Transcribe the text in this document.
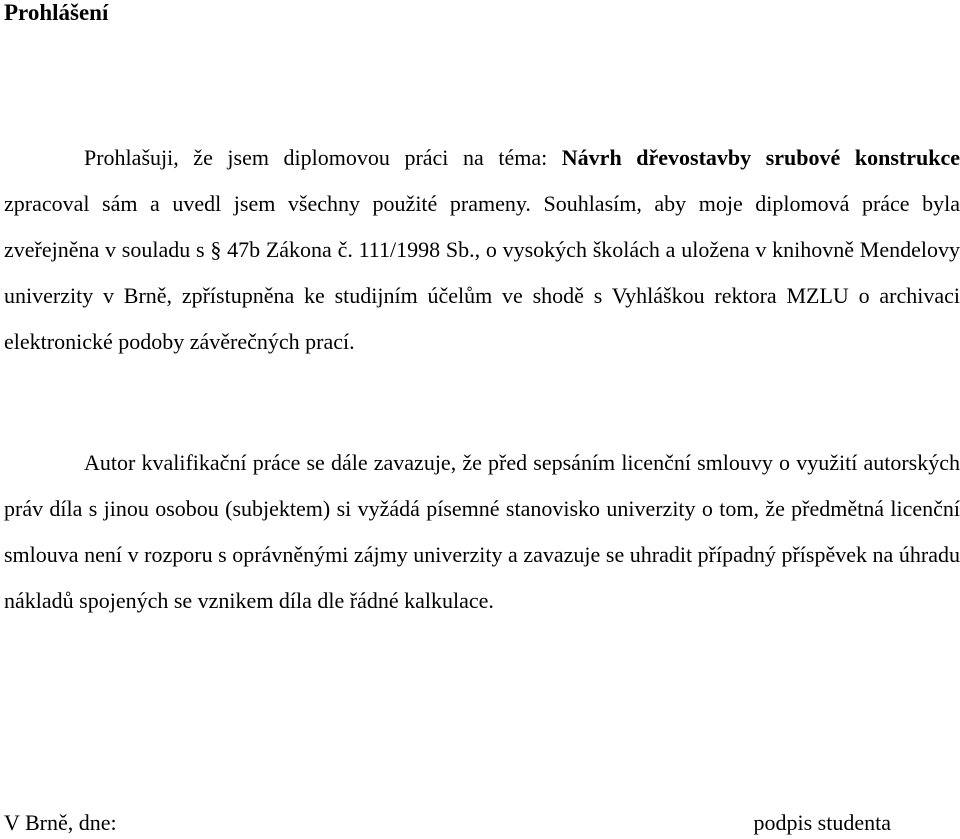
Prohlášení

Prohlašuji, že jsem diplomovou práci na téma: Návrh dřevostavby srubové konstrukce zpracoval sám a uvedl jsem všechny použité prameny. Souhlasím, aby moje diplomová práce byla zveřejněna v souladu s § 47b Zákona č. 111/1998 Sb., o vysokých školách a uložena v knihovně Mendelovy univerzity v Brně, zpřístupněna ke studijním účelům ve shodě s Vyhláškou rektora MZLU o archivaci elektronické podoby závěrečných prací.

Autor kvalifikační práce se dále zavazuje, že před sepsáním licenční smlouvy o využití autorských práv díla s jinou osobou (subjektem) si vyžádá písemné stanovisko univerzity o tom, že předmětná licenční smlouva není v rozporu s oprávněnými zájmy univerzity a zavazuje se uhradit případný příspěvek na úhradu nákladů spojených se vznikem díla dle řádné kalkulace.

V Brně, dne:	podpis studenta
